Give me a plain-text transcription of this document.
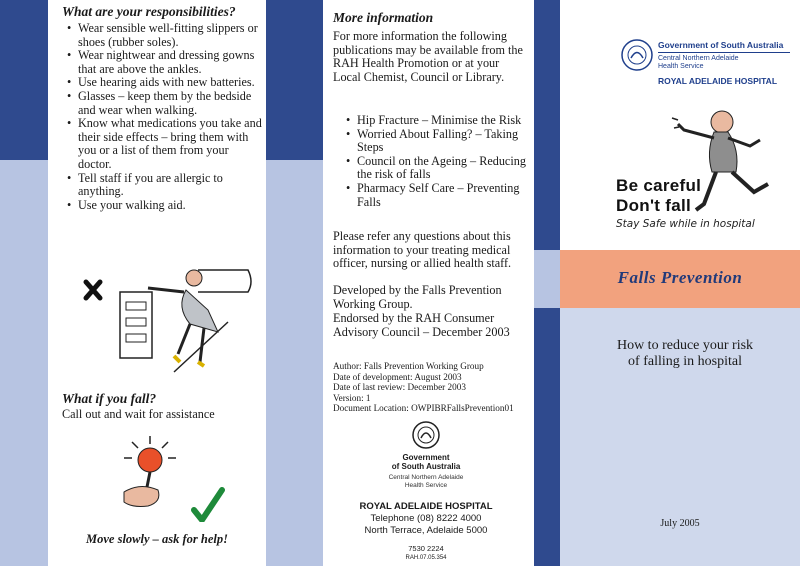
What are your responsibilities?
• Wear sensible well-fitting slippers or shoes (rubber soles).
• Wear nightwear and dressing gowns that are above the ankles.
• Use hearing aids with new batteries.
• Glasses – keep them by the bedside and wear when walking.
• Know what medications you take and their side effects – bring them with you or a list of them from your doctor.
• Tell staff if you are allergic to anything.
• Use your walking aid.
What if you fall?
Call out and wait for assistance
Move slowly – ask for help!
More information
For more information the following publications may be available from the RAH Health Promotion or at your Local Chemist, Council or Library.
• Hip Fracture – Minimise the Risk
• Worried About Falling? – Taking Steps
• Council on the Ageing – Reducing the risk of falls
• Pharmacy Self Care – Preventing Falls
Please refer any questions about this information to your treating medical officer, nursing or allied health staff.
Developed by the Falls Prevention Working Group.
Endorsed by the RAH Consumer Advisory Council – December 2003
Author: Falls Prevention Working Group
Date of development: August 2003
Date of last review: December 2003
Version: 1
Document Location: OWPIBRFallsPrevention01
Government
of South Australia
Central Northern Adelaide
Health Service
ROYAL ADELAIDE HOSPITAL
Telephone (08) 8222 4000
North Terrace, Adelaide 5000
7530 2224
RAH.07.05.354
Government of South Australia
Central Northern Adelaide
Health Service
ROYAL ADELAIDE HOSPITAL
Be careful
Don't fall
Stay Safe while in hospital
Falls Prevention
How to reduce your risk of falling in hospital
July 2005
